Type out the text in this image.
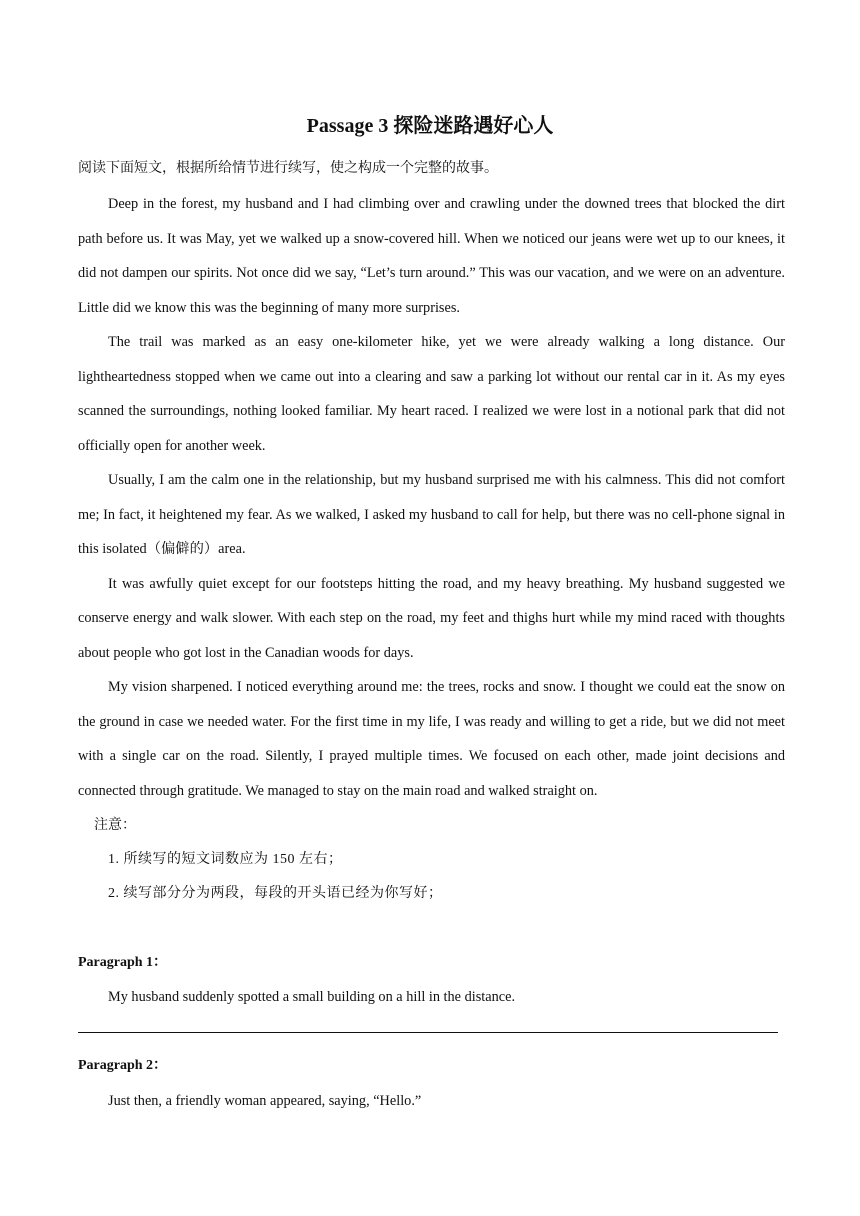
Passage 3 探险迷路遇好心人
阅读下面短文，根据所给情节进行续写，使之构成一个完整的故事。

Deep in the forest, my husband and I had climbing over and crawling under the downed trees that blocked the dirt path before us. It was May, yet we walked up a snow-covered hill. When we noticed our jeans were wet up to our knees, it did not dampen our spirits. Not once did we say, “Let’s turn around.” This was our vacation, and we were on an adventure. Little did we know this was the beginning of many more surprises.

The trail was marked as an easy one-kilometer hike, yet we were already walking a long distance. Our lightheartedness stopped when we came out into a clearing and saw a parking lot without our rental car in it. As my eyes scanned the surroundings, nothing looked familiar. My heart raced. I realized we were lost in a notional park that did not officially open for another week.

Usually, I am the calm one in the relationship, but my husband surprised me with his calmness. This did not comfort me; In fact, it heightened my fear. As we walked, I asked my husband to call for help, but there was no cell-phone signal in this isolated（偏僻的）area.

It was awfully quiet except for our footsteps hitting the road, and my heavy breathing. My husband suggested we conserve energy and walk slower. With each step on the road, my feet and thighs hurt while my mind raced with thoughts about people who got lost in the Canadian woods for days.

My vision sharpened. I noticed everything around me: the trees, rocks and snow. I thought we could eat the snow on the ground in case we needed water. For the first time in my life, I was ready and willing to get a ride, but we did not meet with a single car on the road. Silently, I prayed multiple times. We focused on each other, made joint decisions and connected through gratitude. We managed to stay on the main road and walked straight on.

注意：
1. 所续写的短文词数应为 150 左右；
2. 续写部分分为两段，每段的开头语已经为你写好；
Paragraph 1：
My husband suddenly spotted a small building on a hill in the distance.
Paragraph 2：
Just then, a friendly woman appeared, saying, “Hello.”
